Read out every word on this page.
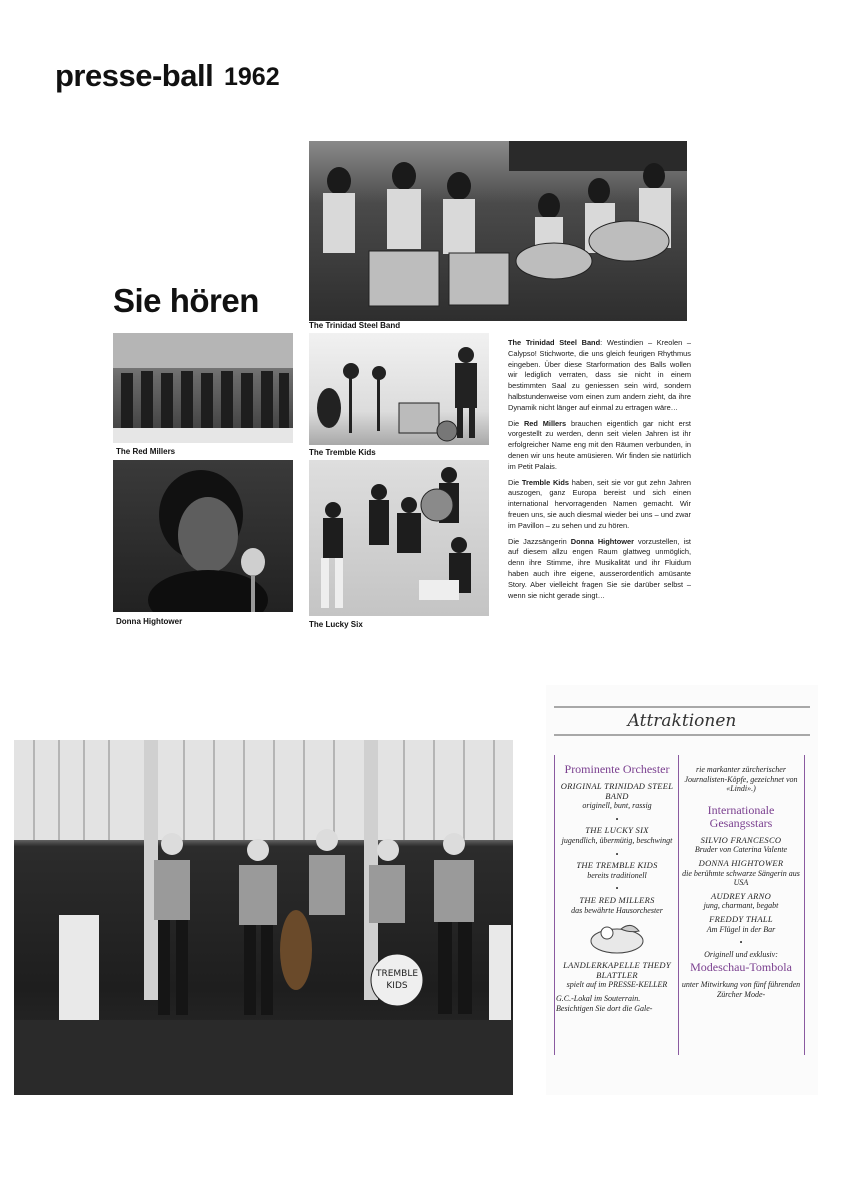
presse-ball 1962
The Trinidad Steel Band
Sie hören
The Red Millers	The Tremble Kids
Donna Hightower	The Lucky Six

The Trinidad Steel Band: Westindien – Kreolen – Calypso! Stichworte, die uns gleich feurigen Rhythmus eingeben. Über diese Starformation des Balls wollen wir lediglich verraten, dass sie nicht in einem bestimmten Saal zu geniessen sein wird, sondern halbstundenweise vom einen zum andern zieht, da ihre Dynamik nicht länger auf einmal zu ertragen wäre…

Die Red Millers brauchen eigentlich gar nicht erst vorgestellt zu werden, denn seit vielen Jahren ist ihr erfolgreicher Name eng mit den Räumen verbunden, in denen wir uns heute amüsieren. Wir finden sie natürlich im Petit Palais.

Die Tremble Kids haben, seit sie vor gut zehn Jahren auszogen, ganz Europa bereist und sich einen international hervorragenden Namen gemacht. Wir freuen uns, sie auch diesmal wieder bei uns – und zwar im Pavillon – zu sehen und zu hören.

Die Jazzsängerin Donna Hightower vorzustellen, ist auf diesem allzu engen Raum glattweg unmöglich, denn ihre Stimme, ihre Musikalität und ihr Fluidum haben auch ihre eigene, ausserordentlich amüsante Story. Aber vielleicht fragen Sie sie darüber selbst – wenn sie nicht gerade singt…

TREMBLE
KIDS
Attraktionen
Prominente Orchester
ORIGINAL TRINIDAD STEEL BAND
originell, bunt, rassig
•
THE LUCKY SIX
jugendlich, übermütig, beschwingt
•
THE TREMBLE KIDS
bereits traditionell
•
THE RED MILLERS
das bewährte Hausorchester
LANDLERKAPELLE THEDY BLATTLER
spielt auf im PRESSE-KELLER
G.C.-Lokal im Souterrain. Besichtigen Sie dort die Gale-
rie markanter zürcherischer Journalisten-Köpfe, gezeichnet von «Lindi».)
Internationale Gesangsstars
SILVIO FRANCESCO
Bruder von Caterina Valente
DONNA HIGHTOWER
die berühmte schwarze Sängerin aus USA
AUDREY ARNO
jung, charmant, begabt
FREDDY THALL
Am Flügel in der Bar
•
Originell und exklusiv:
Modeschau-Tombola
unter Mitwirkung von fünf führenden Zürcher Mode-
